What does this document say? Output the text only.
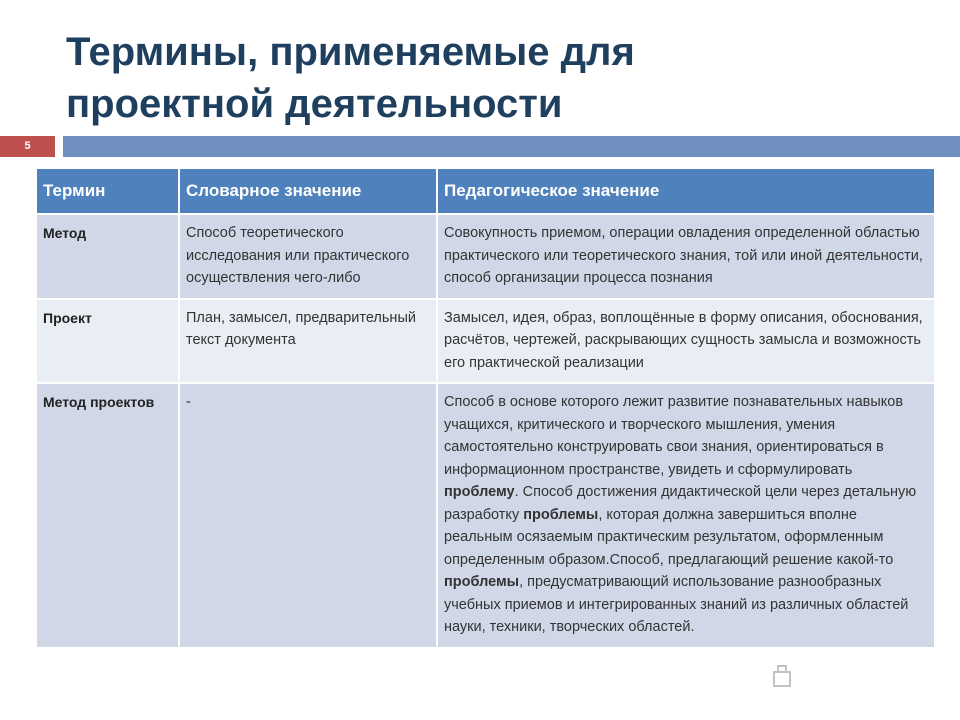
Термины, применяемые для
проектной деятельности
5
Термин	Словарное значение	Педагогическое значение
Метод	Способ теоретического исследования или практического осуществления чего-либо	Совокупность приемом, операции овладения определенной областью практического или теоретического знания, той или иной деятельности, способ организации процесса познания
Проект	План, замысел, предварительный текст документа	Замысел, идея, образ, воплощённые в форму описания, обоснования, расчётов, чертежей, раскрывающих сущность замысла и возможность его практической реализации
Метод проектов	-	Способ в основе которого лежит развитие познавательных навыков учащихся, критического и творческого мышления, умения самостоятельно конструировать свои знания, ориентироваться в информационном пространстве, увидеть и сформулировать проблему. Способ достижения дидактической цели через детальную разработку проблемы, которая должна завершиться вполне реальным осязаемым практическим результатом, оформленным определенным образом.Способ, предлагающий решение какой-то проблемы, предусматривающий использование разнообразных учебных приемов и интегрированных знаний из различных областей науки, техники, творческих областей.
MyShared
